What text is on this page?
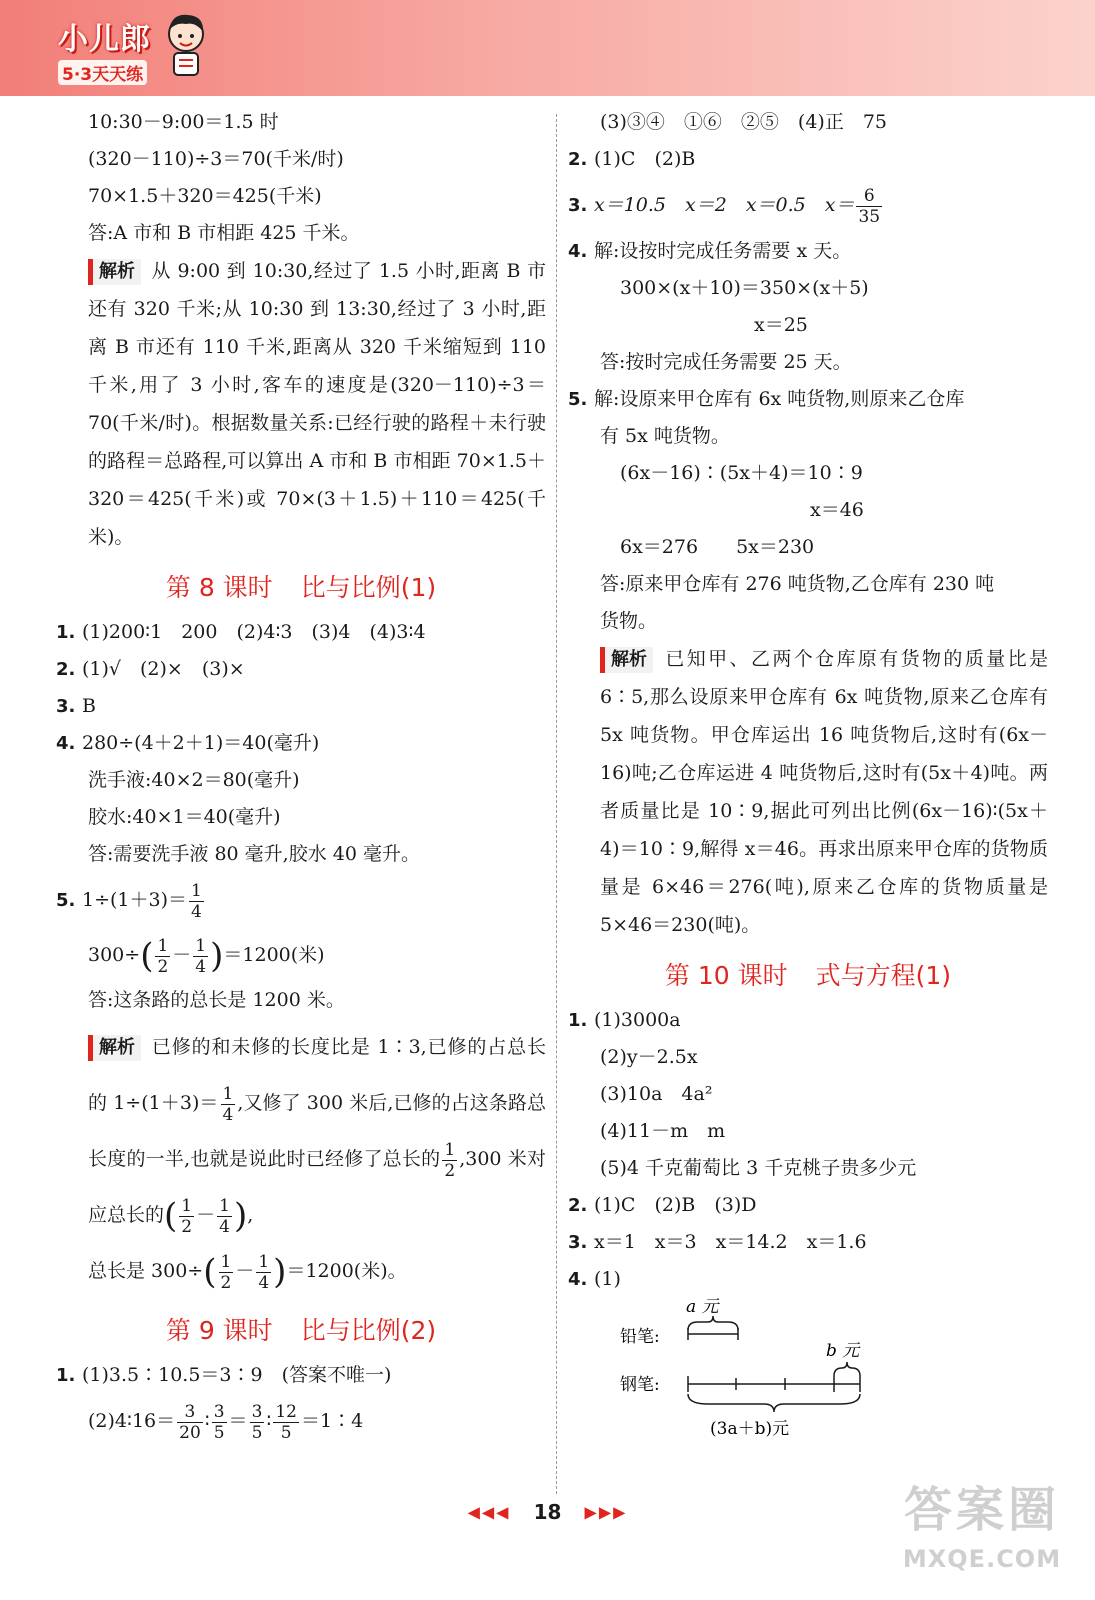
小儿郎
5·3天天练
10:30－9:00＝1.5 时
(320－110)÷3＝70(千米/时)
70×1.5＋320＝425(千米)
答:A 市和 B 市相距 425 千米。
解析 从 9:00 到 10:30,经过了 1.5 小时,距离 B 市还有 320 千米;从 10:30 到 13:30,经过了 3 小时,距离 B 市还有 110 千米,距离从 320 千米缩短到 110 千米,用了 3 小时,客车的速度是(320－110)÷3＝70(千米/时)。根据数量关系:已经行驶的路程＋未行驶的路程＝总路程,可以算出 A 市和 B 市相距 70×1.5＋320＝425(千米)或 70×(3＋1.5)＋110＝425(千米)。
第 8 课时 比与比例(1)
1. (1)200∶1　200　(2)4∶3　(3)4　(4)3∶4
2. (1)√　(2)×　(3)×
3. B
4. 280÷(4＋2＋1)＝40(毫升)
洗手液:40×2＝80(毫升)
胶水:40×1＝40(毫升)
答:需要洗手液 80 毫升,胶水 40 毫升。
5. $1\div(1+3)= \frac{1}{4}$
$300\div( \frac{1}{2} - \frac{1}{4} )=1200$(米)
答:这条路的总长是 1200 米。
解析 已修的和未修的长度比是 1∶3,已修的占总长的 $1\div(1+3)= \frac{1}{4}$ ,又修了 300 米后,已修的占这条路总长度的一半,也就是说此时已经修了总长的 $\frac{1}{2} ,300$ 米对应总长的( $\frac{1}{2} - \frac{1}{4}$ ),
总长是 $300\div( \frac{1}{2} - \frac{1}{4} )=1200$(米)。
第 9 课时 比与比例(2)
1. (1)3.5∶10.5＝3∶9　(答案不唯一)
(2)4∶16＝ $\frac{3}{20}$ ∶ $\frac{3}{5} = \frac{3}{5}$ ∶ $\frac{12}{5}$ ＝1∶4
(3)③④　①⑥　②⑤　(4)正　75
2. (1)C　(2)B
3. x＝10.5　x＝2　x＝0.5　$x= \frac{6}{35}$
4. 解:设按时完成任务需要 x 天。
300×(x＋10)＝350×(x＋5)
x＝25
答:按时完成任务需要 25 天。
5. 解:设原来甲仓库有 6x 吨货物,则原来乙仓库
有 5x 吨货物。
(6x－16)∶(5x＋4)＝10∶9
x＝46
6x＝276　　5x＝230
答:原来甲仓库有 276 吨货物,乙仓库有 230 吨
货物。
解析 已知甲、乙两个仓库原有货物的质量比是 6∶5,那么设原来甲仓库有 6x 吨货物,原来乙仓库有 5x 吨货物。甲仓库运出 16 吨货物后,这时有(6x－16)吨;乙仓库运进 4 吨货物后,这时有(5x＋4)吨。两者质量比是 10∶9,据此可列出比例(6x－16)∶(5x＋4)＝10∶9,解得 x＝46。再求出原来甲仓库的货物质量是 6×46＝276(吨),原来乙仓库的货物质量是 5×46＝230(吨)。
第 10 课时 式与方程(1)
1. (1)3000a
(2)y－2.5x
(3)10a　4a²
(4)11－m　m
(5)4 千克葡萄比 3 千克桃子贵多少元
2. (1)C　(2)B　(3)D
3. x＝1　x＝3　x＝14.2　x＝1.6
4. (1)
a 元
铅笔:
b 元
钢笔:
(3a＋b)元
◀◀◀ 18 ▶▶▶	答案圈
MXQE.COM
